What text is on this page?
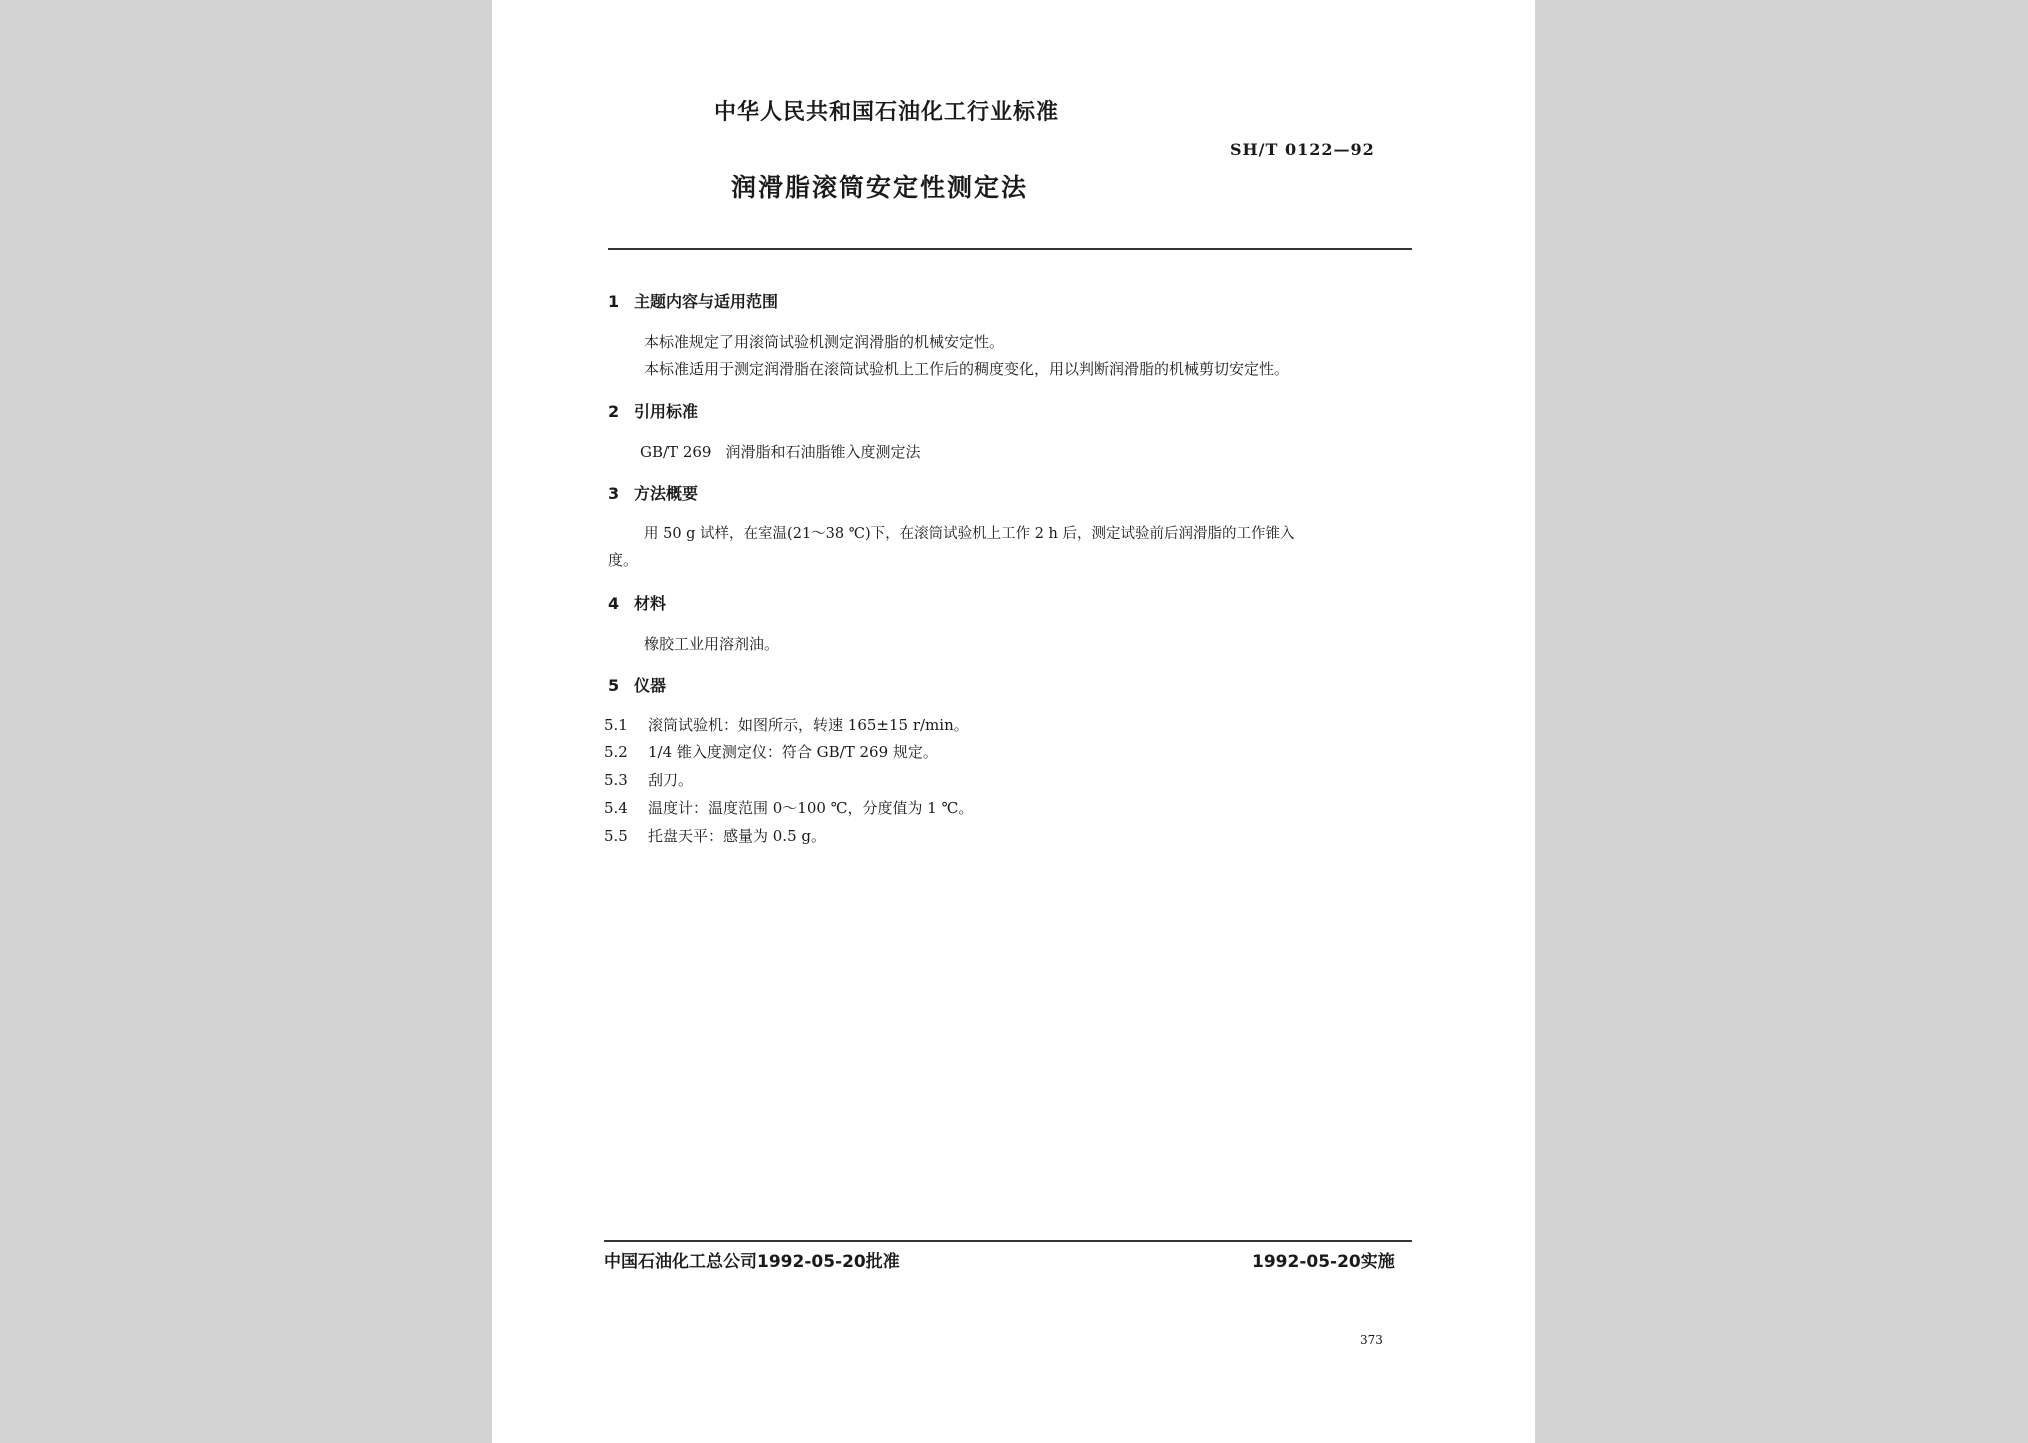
中华人民共和国石油化工行业标准
SH/T 0122—92
润滑脂滚筒安定性测定法
1 主题内容与适用范围
本标准规定了用滚筒试验机测定润滑脂的机械安定性。
本标准适用于测定润滑脂在滚筒试验机上工作后的稠度变化，用以判断润滑脂的机械剪切安定性。
2 引用标准
GB/T 269 润滑脂和石油脂锥入度测定法
3 方法概要
用 50 g 试样，在室温(21～38 ℃)下，在滚筒试验机上工作 2 h 后，测定试验前后润滑脂的工作锥入
度。
4 材料
橡胶工业用溶剂油。
5 仪器
5.1 滚筒试验机：如图所示，转速 165±15 r/min。
5.2 1/4 锥入度测定仪：符合 GB/T 269 规定。
5.3 刮刀。
5.4 温度计：温度范围 0～100 ℃，分度值为 1 ℃。
5.5 托盘天平：感量为 0.5 g。
中国石油化工总公司1992-05-20批准	1992-05-20实施
373
